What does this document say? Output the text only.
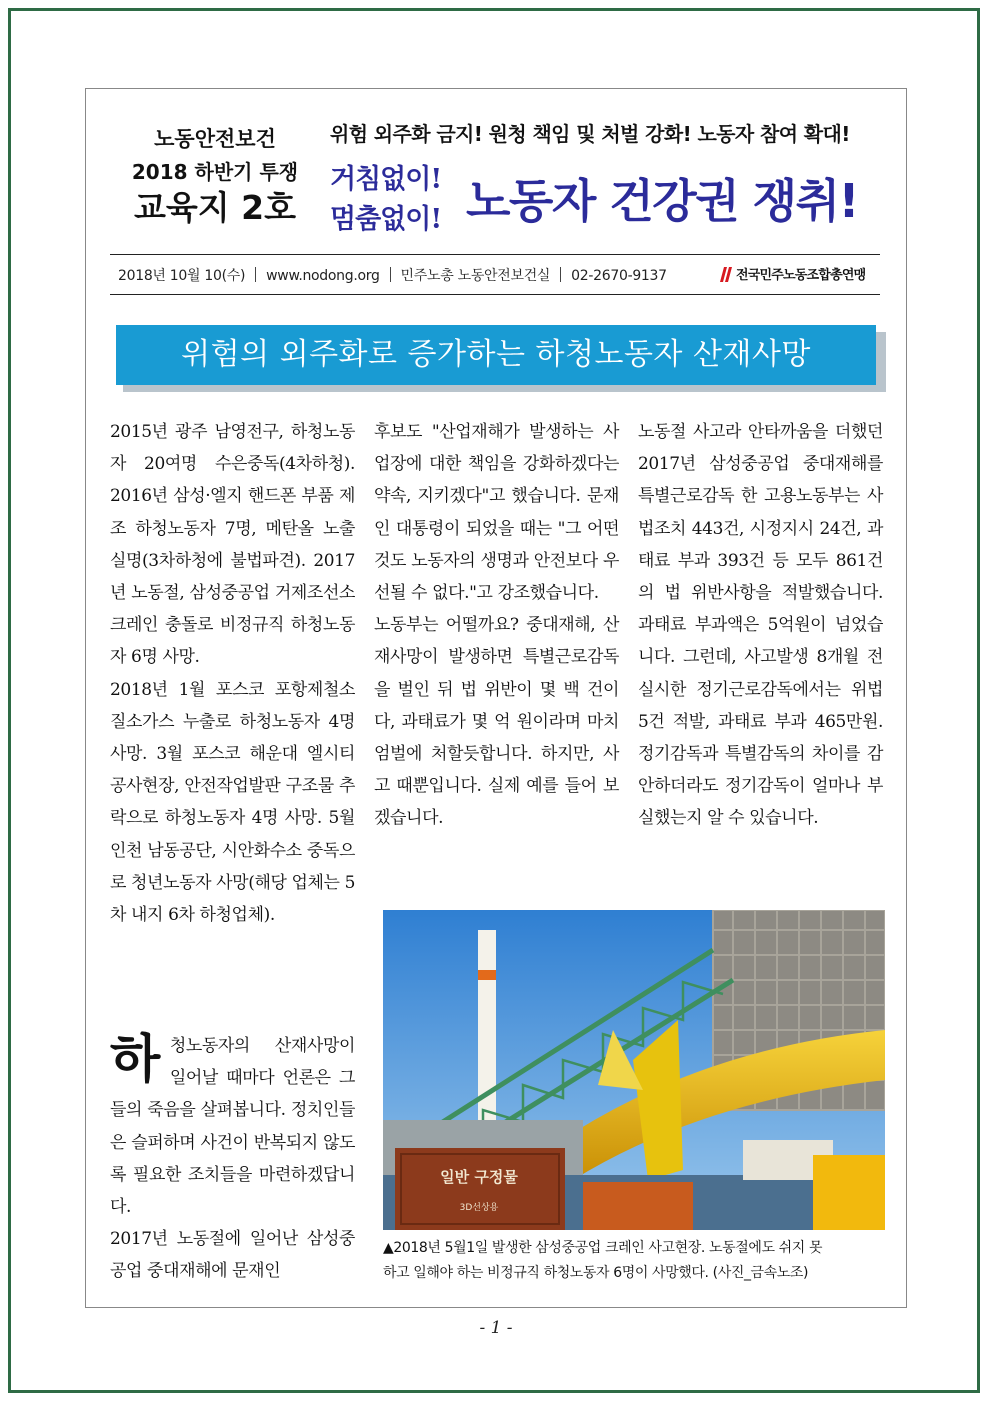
노동안전보건
2018 하반기 투쟁
교육지 2호
위험 외주화 금지! 원청 책임 및 처벌 강화! 노동자 참여 확대!
거침없이!
멈춤없이! 노동자 건강권 쟁취!
2018년 10월 10(수) www.nodong.org 민주노총 노동안전보건실 02-2670-9137	전국민주노동조합총연맹
위험의 외주화로 증가하는 하청노동자 산재사망

2015년 광주 남영전구, 하청노동자 20여명 수은중독(4차하청). 2016년 삼성·엘지 핸드폰 부품 제조 하청노동자 7명, 메탄올 노출 실명(3차하청에 불법파견). 2017년 노동절, 삼성중공업 거제조선소 크레인 충돌로 비정규직 하청노동자 6명 사망.

2018년 1월 포스코 포항제철소 질소가스 누출로 하청노동자 4명 사망. 3월 포스코 해운대 엘시티 공사현장, 안전작업발판 구조물 추락으로 하청노동자 4명 사망. 5월 인천 남동공단, 시안화수소 중독으로 청년노동자 사망(해당 업체는 5차 내지 6차 하청업체).

하청노동자의 산재사망이 일어날 때마다 언론은 그들의 죽음을 살펴봅니다. 정치인들은 슬퍼하며 사건이 반복되지 않도록 필요한 조치들을 마련하겠답니다.

2017년 노동절에 일어난 삼성중공업 중대재해에 문재인

후보도 "산업재해가 발생하는 사업장에 대한 책임을 강화하겠다는 약속, 지키겠다"고 했습니다. 문재인 대통령이 되었을 때는 "그 어떤 것도 노동자의 생명과 안전보다 우선될 수 없다."고 강조했습니다.

노동부는 어떨까요? 중대재해, 산재사망이 발생하면 특별근로감독을 벌인 뒤 법 위반이 몇 백 건이다, 과태료가 몇 억 원이라며 마치 엄벌에 처할듯합니다. 하지만, 사고 때뿐입니다. 실제 예를 들어 보겠습니다.

노동절 사고라 안타까움을 더했던 2017년 삼성중공업 중대재해를 특별근로감독 한 고용노동부는 사법조치 443건, 시정지시 24건, 과태료 부과 393건 등 모두 861건의 법 위반사항을 적발했습니다. 과태료 부과액은 5억원이 넘었습니다. 그런데, 사고발생 8개월 전 실시한 정기근로감독에서는 위법 5건 적발, 과태료 부과 465만원. 정기감독과 특별감독의 차이를 감안하더라도 정기감독이 얼마나 부실했는지 알 수 있습니다.

일반 구정물
3D선상용
▲2018년 5월1일 발생한 삼성중공업 크레인 사고현장. 노동절에도 쉬지 못
하고 일해야 하는 비정규직 하청노동자 6명이 사망했다. (사진_금속노조)
- 1 -
